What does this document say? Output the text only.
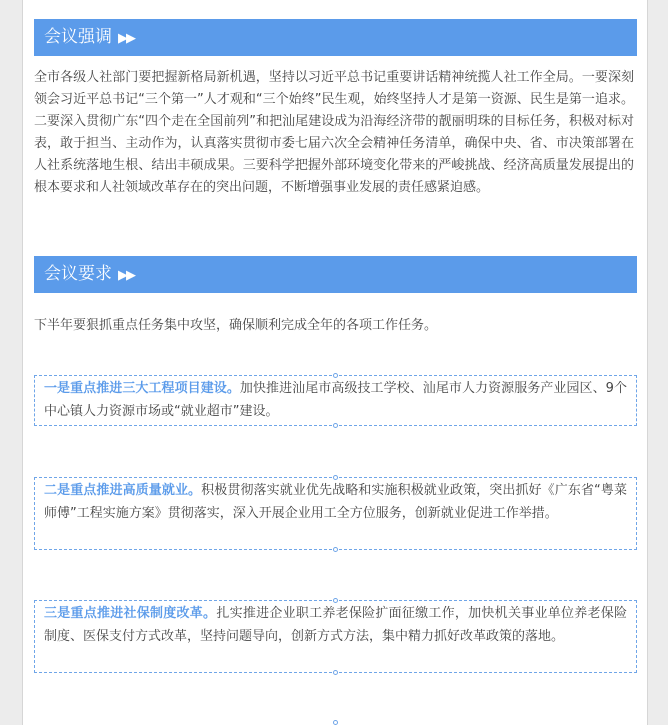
会议强调 ▶▶

全市各级人社部门要把握新格局新机遇，坚持以习近平总书记重要讲话精神统揽人社工作全局。一要深刻领会习近平总书记“三个第一”人才观和“三个始终”民生观，始终坚持人才是第一资源、民生是第一追求。二要深入贯彻广东“四个走在全国前列”和把汕尾建设成为沿海经济带的靓丽明珠的目标任务，积极对标对表，敢于担当、主动作为，认真落实贯彻市委七届六次全会精神任务清单，确保中央、省、市决策部署在人社系统落地生根、结出丰硕成果。三要科学把握外部环境变化带来的严峻挑战、经济高质量发展提出的根本要求和人社领域改革存在的突出问题，不断增强事业发展的责任感紧迫感。

会议要求 ▶▶

下半年要狠抓重点任务集中攻坚，确保顺利完成全年的各项工作任务。

一是重点推进三大工程项目建设。加快推进汕尾市高级技工学校、汕尾市人力资源服务产业园区、9个中心镇人力资源市场或“就业超市”建设。
二是重点推进高质量就业。积极贯彻落实就业优先战略和实施积极就业政策，突出抓好《广东省“粤菜师傅”工程实施方案》贯彻落实，深入开展企业用工全方位服务，创新就业促进工作举措。
三是重点推进社保制度改革。扎实推进企业职工养老保险扩面征缴工作，加快机关事业单位养老保险制度、医保支付方式改革，坚持问题导向，创新方式方法，集中精力抓好改革政策的落地。
